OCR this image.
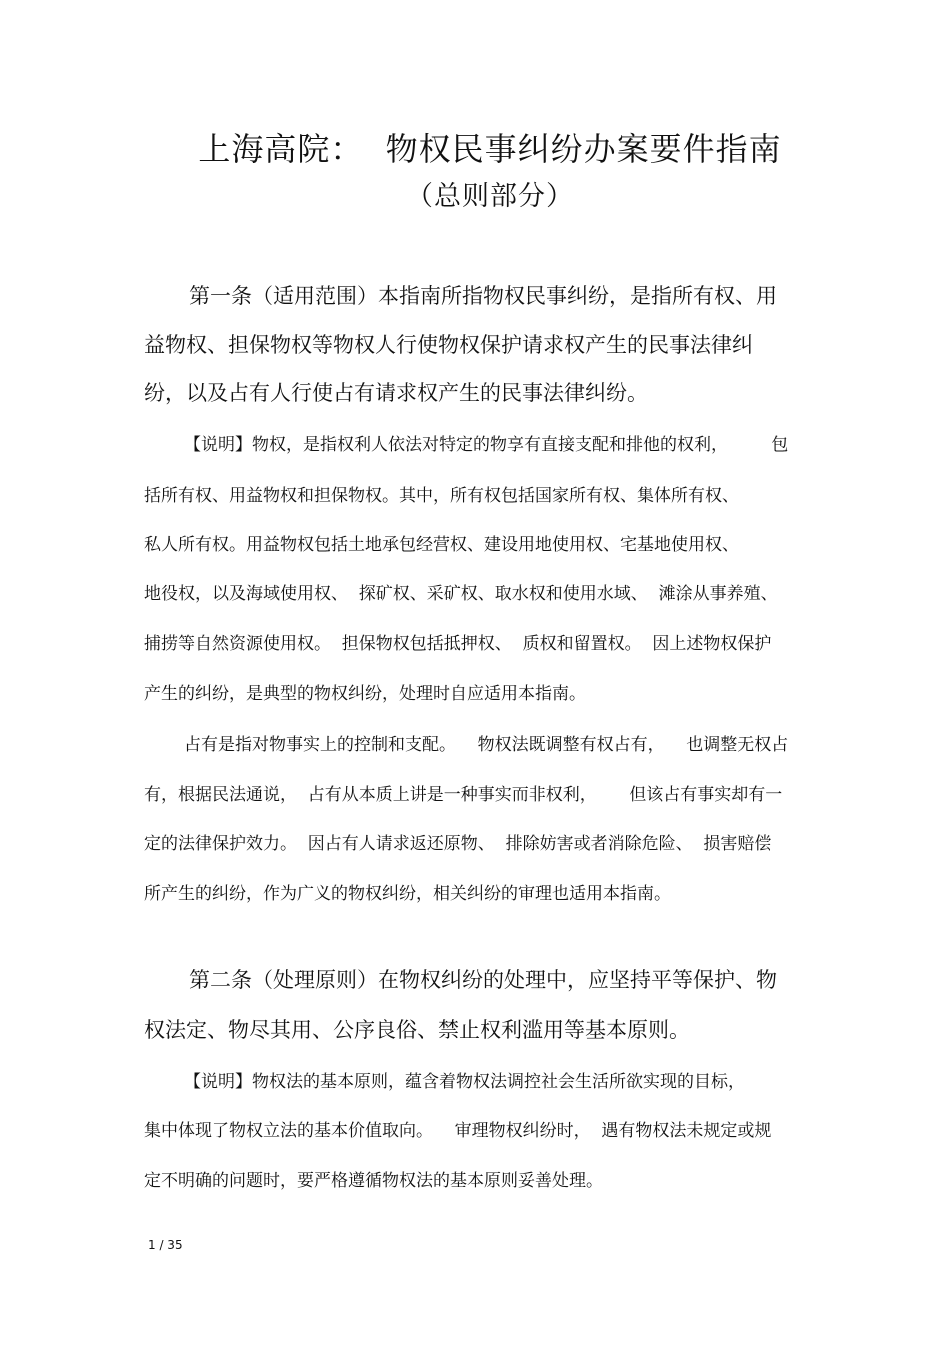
上海高院：  物权民事纠纷办案要件指南
（总则部分）
第一条（适用范围）本指南所指物权民事纠纷，是指所有权、用
益物权、担保物权等物权人行使物权保护请求权产生的民事法律纠
纷，以及占有人行使占有请求权产生的民事法律纠纷。
【说明】物权，是指权利人依法对特定的物享有直接支配和排他的权利，        包
括所有权、用益物权和担保物权。其中，所有权包括国家所有权、集体所有权、
私人所有权。用益物权包括土地承包经营权、建设用地使用权、宅基地使用权、
地役权，以及海域使用权、  探矿权、采矿权、取水权和使用水域、  滩涂从事养殖、
捕捞等自然资源使用权。  担保物权包括抵押权、  质权和留置权。  因上述物权保护
产生的纠纷，是典型的物权纠纷，处理时自应适用本指南。
占有是指对物事实上的控制和支配。    物权法既调整有权占有，    也调整无权占
有，根据民法通说，  占有从本质上讲是一种事实而非权利，      但该占有事实却有一
定的法律保护效力。  因占有人请求返还原物、  排除妨害或者消除危险、  损害赔偿
所产生的纠纷，作为广义的物权纠纷，相关纠纷的审理也适用本指南。
第二条（处理原则）在物权纠纷的处理中，应坚持平等保护、物
权法定、物尽其用、公序良俗、禁止权利滥用等基本原则。
【说明】物权法的基本原则，蕴含着物权法调控社会生活所欲实现的目标，
集中体现了物权立法的基本价值取向。    审理物权纠纷时，  遇有物权法未规定或规
定不明确的问题时，要严格遵循物权法的基本原则妥善处理。
1 / 35
